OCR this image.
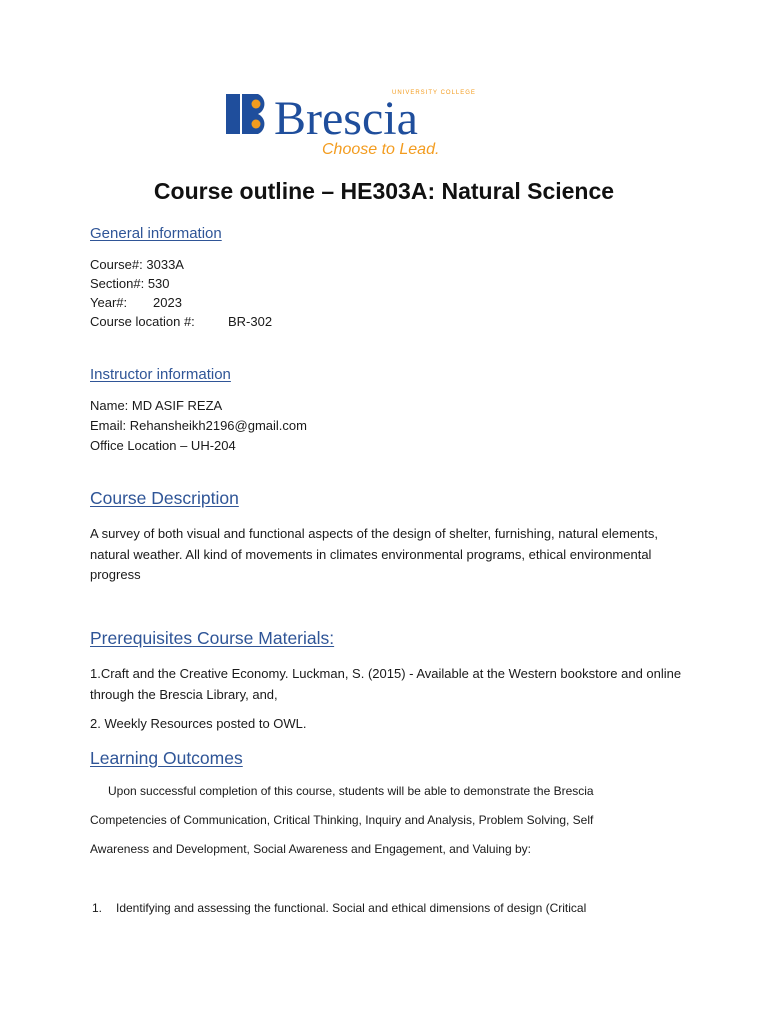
UNIVERSITY COLLEGE
Brescia
Choose to Lead.
Course outline – HE303A: Natural Science
General information
Course#: 3033A
Section#: 530
Year#: 2023
Course location #:	BR-302
Instructor information
Name: MD ASIF REZA
Email: Rehansheikh2196@gmail.com
Office Location – UH-204
Course Description
A survey of both visual and functional aspects of the design of shelter, furnishing, natural elements, natural weather. All kind of movements in climates environmental programs, ethical environmental progress
Prerequisites Course Materials:
1.Craft and the Creative Economy. Luckman, S. (2015) - Available at the Western bookstore and online through the Brescia Library, and,
2. Weekly Resources posted to OWL.
Learning Outcomes
Upon successful completion of this course, students will be able to demonstrate the Brescia
Competencies of Communication, Critical Thinking, Inquiry and Analysis, Problem Solving, Self
Awareness and Development, Social Awareness and Engagement, and Valuing by:
1. Identifying and assessing the functional. Social and ethical dimensions of design (Critical
